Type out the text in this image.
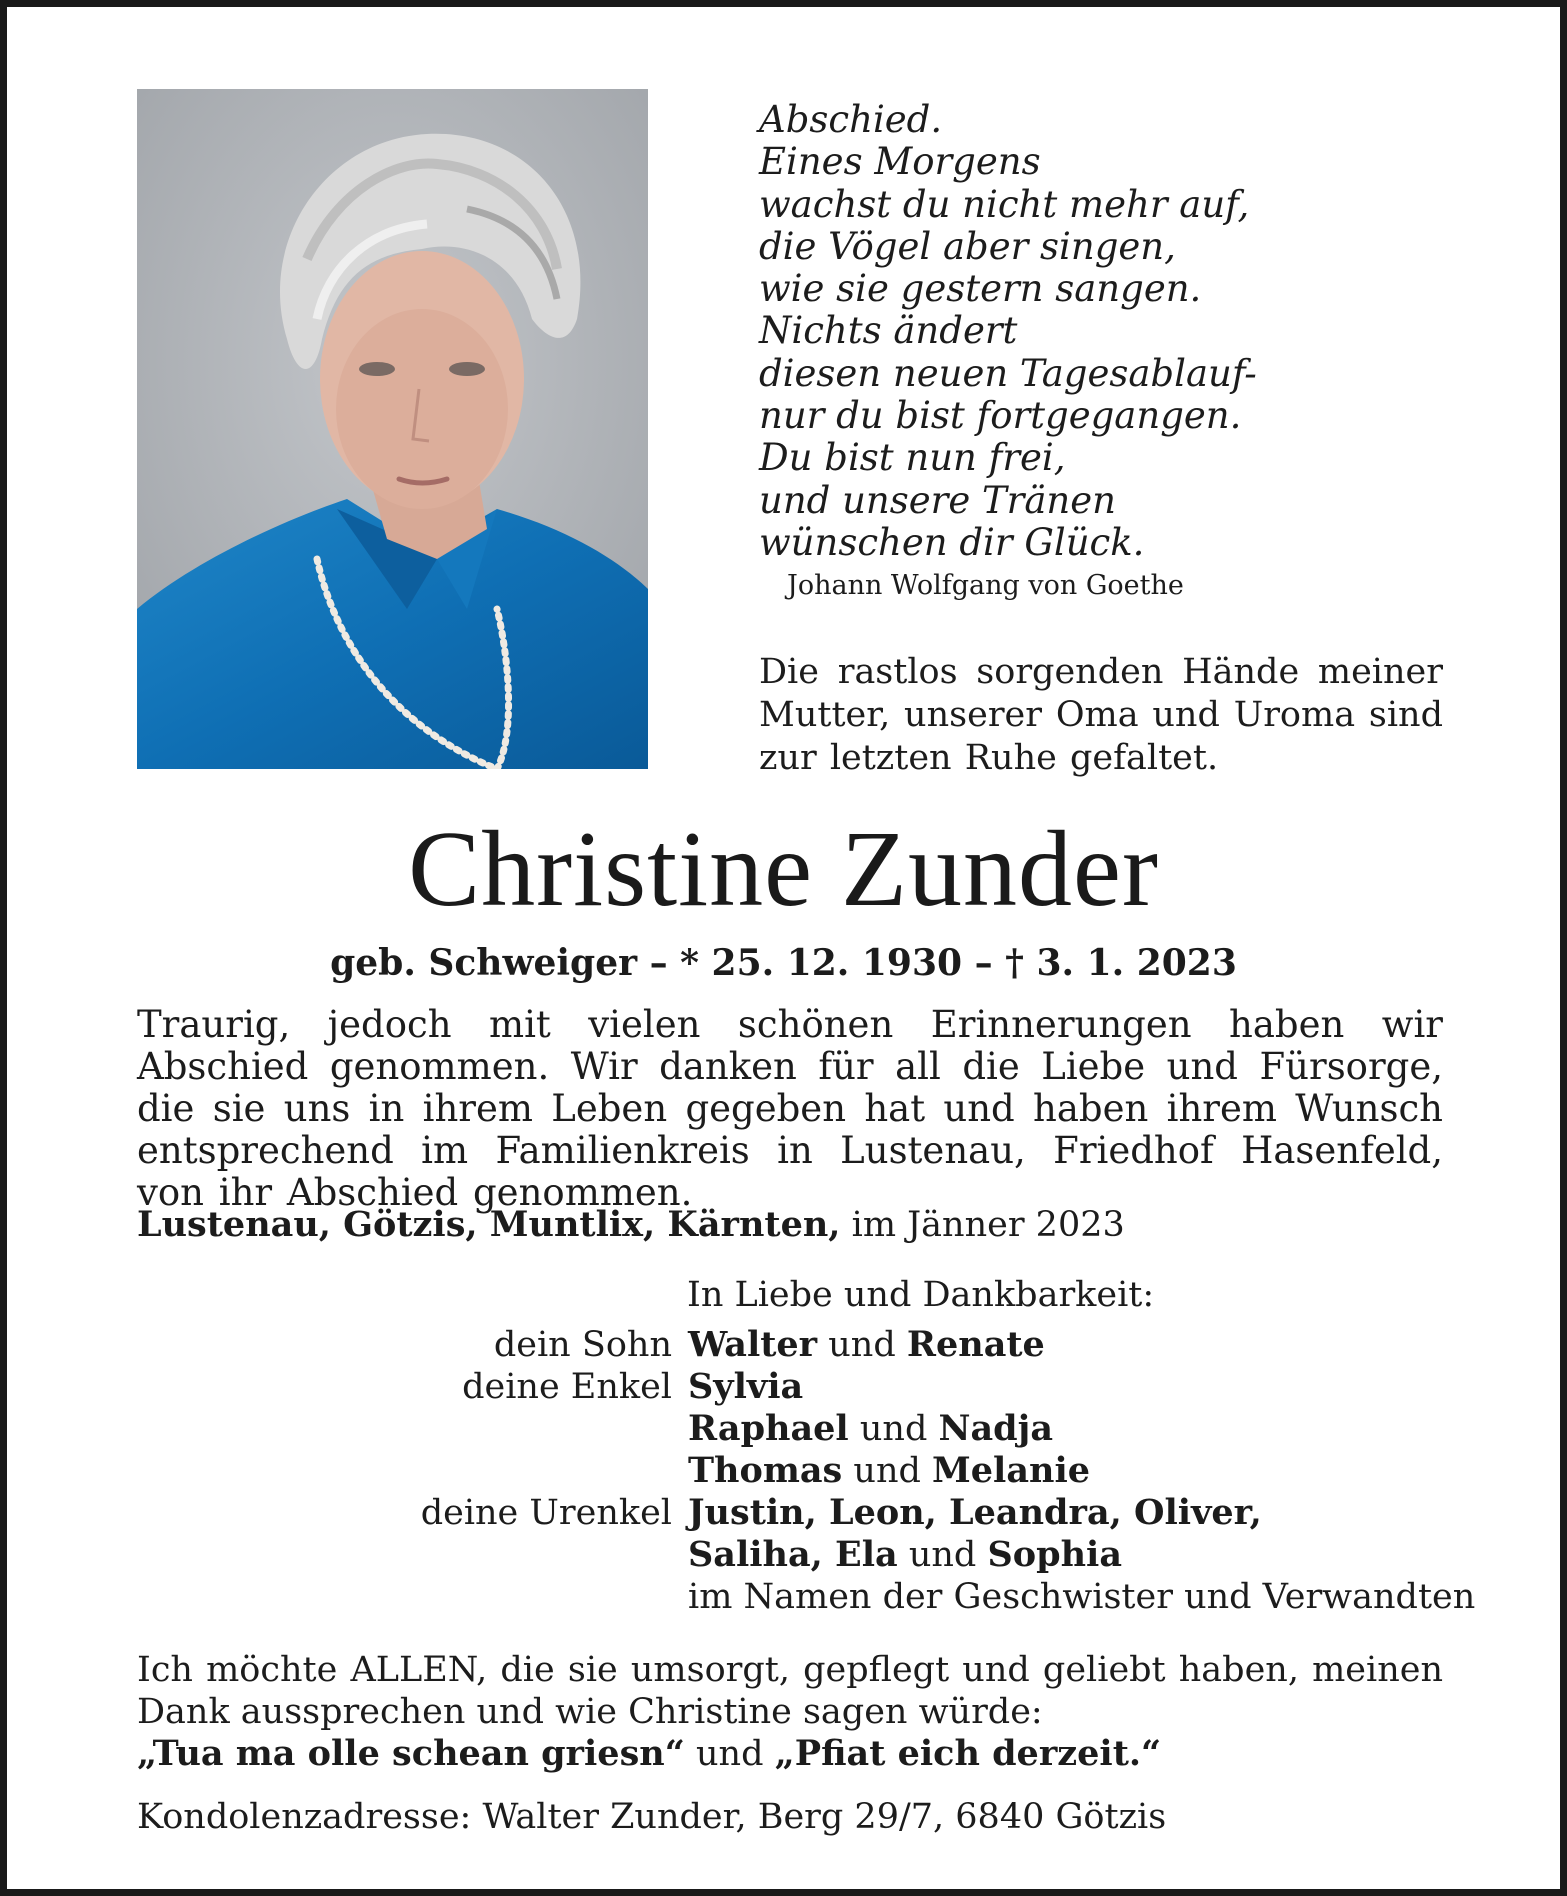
Abschied.
Eines Morgens
wachst du nicht mehr auf,
die Vögel aber singen,
wie sie gestern sangen.
Nichts ändert
diesen neuen Tagesablauf-
nur du bist fortgegangen.
Du bist nun frei,
und unsere Tränen
wünschen dir Glück.
Johann Wolfgang von Goethe
Die rastlos sorgenden Hände meiner Mutter, unserer Oma und Uroma sind zur letzten Ruhe gefaltet.
Christine Zunder
geb. Schweiger – * 25. 12. 1930 – † 3. 1. 2023
Traurig, jedoch mit vielen schönen Erinnerungen haben wir Abschied genommen. Wir danken für all die Liebe und Fürsorge, die sie uns in ihrem Leben gegeben hat und haben ihrem Wunsch entsprechend im Familienkreis in Lustenau, Friedhof Hasenfeld, von ihr Abschied genommen.
Lustenau, Götzis, Muntlix, Kärnten, im Jänner 2023
In Liebe und Dankbarkeit:
dein Sohn Walter und Renate
deine Enkel Sylvia
Raphael und Nadja
Thomas und Melanie
deine Urenkel Justin, Leon, Leandra, Oliver,
Saliha, Ela und Sophia
im Namen der Geschwister und Verwandten
Ich möchte ALLEN, die sie umsorgt, gepflegt und geliebt haben, meinen
Dank aussprechen und wie Christine sagen würde:
„Tua ma olle schean griesn“ und „Pfiat eich derzeit.“
Kondolenzadresse: Walter Zunder, Berg 29/7, 6840 Götzis
